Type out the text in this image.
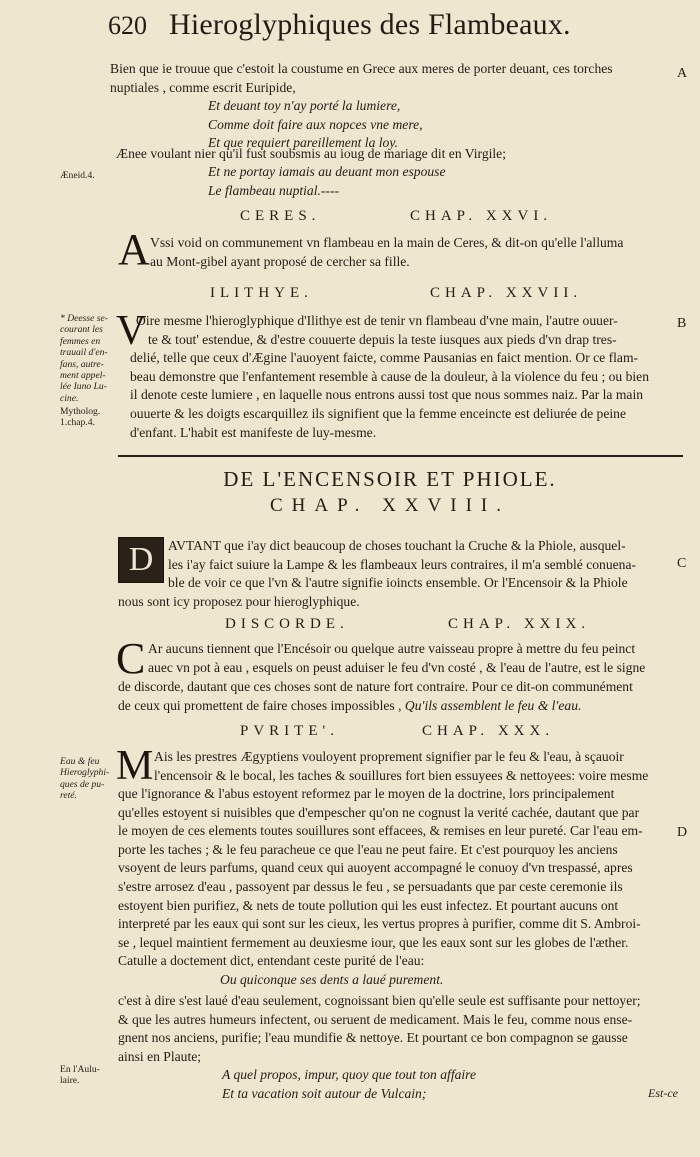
620 Hieroglyphiques des Flambeaux.
Bien que ie trouue que c'estoit la coustume en Grece aux meres de porter deuant, ces torches
nuptiales , comme escrit Euripide,
Et deuant toy n'ay porté la lumiere,
Comme doit faire aux nopces vne mere,
Et que requiert pareillement la loy.
Ænee voulant nier qu'il fust soubsmis au ioug de mariage dit en Virgile;
Et ne portay iamais au deuant mon espouse
Le flambeau nuptial.----
Æneid.4.
CERES.	CHAP. XXVI.
A Vssi void on communement vn flambeau en la main de Ceres, & dit-on qu'elle l'alluma
au Mont-gibel ayant proposé de cercher sa fille.
ILITHYE.	CHAP. XXVII.
V
Oire mesme l'hieroglyphique d'Ilithye est de tenir vn flambeau d'vne main, l'autre ouuer-
te & tout' estendue, & d'estre couuerte depuis la teste iusques aux pieds d'vn drap tres-
delié, telle que ceux d'Ægine l'auoyent faicte, comme Pausanias en faict mention. Or ce flam-
beau demonstre que l'enfantement resemble à cause de la douleur, à la violence du feu ; ou bien
il denote ceste lumiere , en laquelle nous entrons aussi tost que nous sommes naiz. Par la main
ouuerte & les doigts escarquillez ils signifient que la femme enceincte est deliurée de peine
d'enfant. L'habit est manifeste de luy-mesme.
* Deesse se-
courant les
femmes en
trauail d'en-
fans, autre-
ment appel-
lée Iuno Lu-
cine.
Mytholog.
1.chap.4.
DE L'ENCENSOIR ET PHIOLE.
CHAP. XXVIII.
D	AVTANT que i'ay dict beaucoup de choses touchant la Cruche & la Phiole, ausquel-
les i'ay faict suiure la Lampe & les flambeaux leurs contraires, il m'a semblé conuena-
ble de voir ce que l'vn & l'autre signifie ioincts ensemble. Or l'Encensoir & la Phiole
nous sont icy proposez pour hieroglyphique.
DISCORDE.	CHAP. XXIX.
C Ar aucuns tiennent que l'Encésoir ou quelque autre vaisseau propre à mettre du feu peinct
auec vn pot à eau , esquels on peust aduiser le feu d'vn costé , & l'eau de l'autre, est le signe
de discorde, dautant que ces choses sont de nature fort contraire. Pour ce dit-on communément
de ceux qui promettent de faire choses impossibles , Qu'ils assemblent le feu & l'eau.
PVRITE'.	CHAP. XXX.
M Ais les prestres Ægyptiens vouloyent proprement signifier par le feu & l'eau, à sçauoir
l'encensoir & le bocal, les taches & souillures fort bien essuyees & nettoyees: voire mesme
que l'ignorance & l'abus estoyent reformez par le moyen de la doctrine, lors principalement
qu'elles estoyent si nuisibles que d'empescher qu'on ne cognust la verité cachée, dautant que par
le moyen de ces elements toutes souillures sont effacees, & remises en leur pureté. Car l'eau em-
porte les taches ; & le feu paracheue ce que l'eau ne peut faire. Et c'est pourquoy les anciens
vsoyent de leurs parfums, quand ceux qui auoyent accompagné le conuoy d'vn trespassé, apres
s'estre arrosez d'eau , passoyent par dessus le feu , se persuadants que par ceste ceremonie ils
estoyent bien purifiez, & nets de toute pollution qui les eust infectez. Et pourtant aucuns ont
interpreté par les eaux qui sont sur les cieux, les vertus propres à purifier, comme dit S. Ambroi-
se , lequel maintient fermement au deuxiesme iour, que les eaux sont sur les globes de l'æther.
Catulle a doctement dict, entendant ceste purité de l'eau:
Ou quiconque ses dents a laué purement.
c'est à dire s'est laué d'eau seulement, cognoissant bien qu'elle seule est suffisante pour nettoyer;
& que les autres humeurs infectent, ou seruent de medicament. Mais le feu, comme nous ense-
gnent nos anciens, purifie; l'eau mundifie & nettoye. Et pourtant ce bon compagnon se gausse
ainsi en Plaute;
A quel propos, impur, quoy que tout ton affaire
Et ta vacation soit autour de Vulcain;	Est-ce
Eau & feu
Hieroglyphi-
ques de pu-
reté.
En l'Aulu-
laire.
A
B
C
D
